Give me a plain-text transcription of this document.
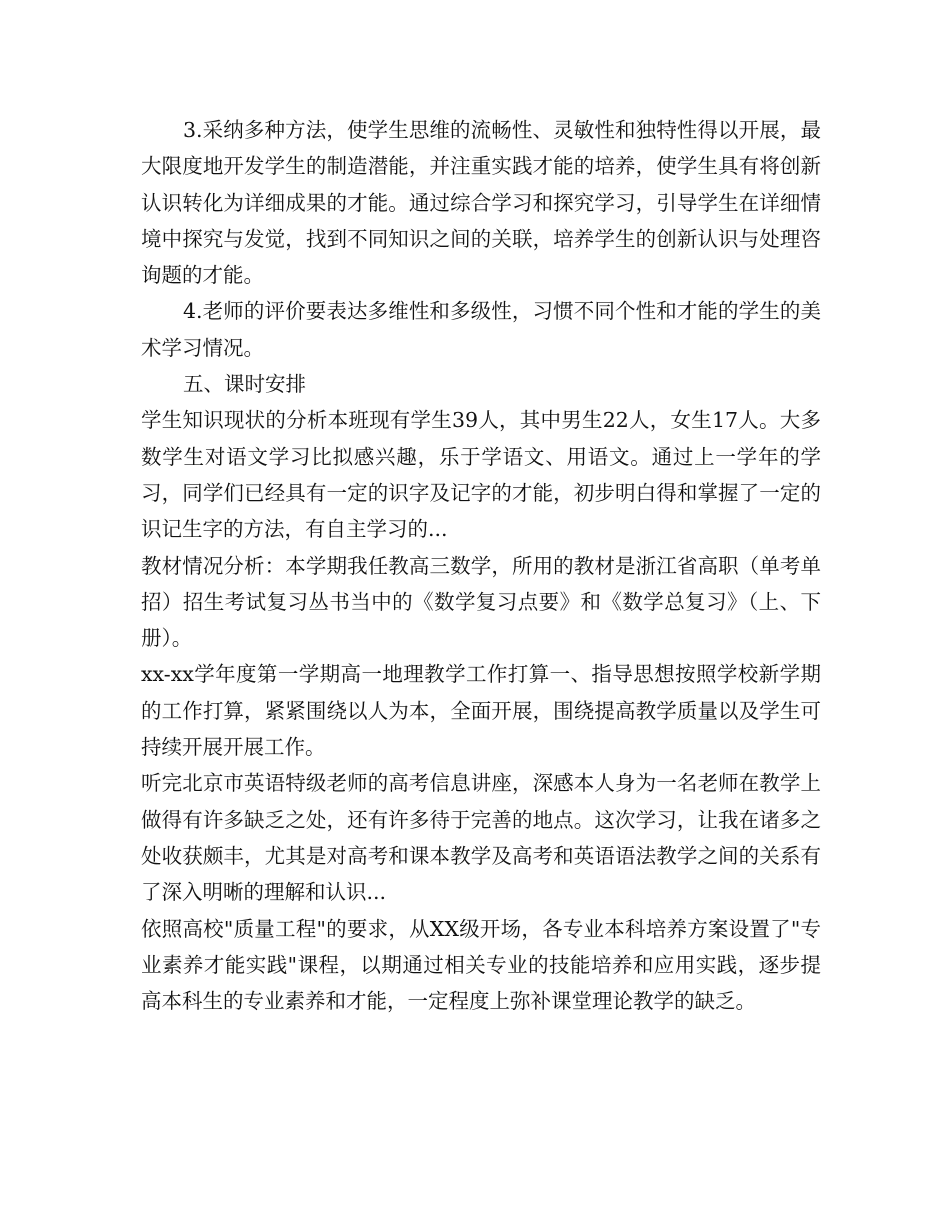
3.采纳多种方法，使学生思维的流畅性、灵敏性和独特性得以开展，最大限度地开发学生的制造潜能，并注重实践才能的培养，使学生具有将创新认识转化为详细成果的才能。通过综合学习和探究学习，引导学生在详细情境中探究与发觉，找到不同知识之间的关联，培养学生的创新认识与处理咨询题的才能。

4.老师的评价要表达多维性和多级性，习惯不同个性和才能的学生的美术学习情况。

五、课时安排

学生知识现状的分析本班现有学生39人，其中男生22人，女生17人。大多数学生对语文学习比拟感兴趣，乐于学语文、用语文。通过上一学年的学习，同学们已经具有一定的识字及记字的才能，初步明白得和掌握了一定的识记生字的方法，有自主学习的...

教材情况分析：本学期我任教高三数学，所用的教材是浙江省高职（单考单招）招生考试复习丛书当中的《数学复习点要》和《数学总复习》（上、下册）。

xx-xx学年度第一学期高一地理教学工作打算一、指导思想按照学校新学期的工作打算，紧紧围绕以人为本，全面开展，围绕提高教学质量以及学生可持续开展开展工作。

听完北京市英语特级老师的高考信息讲座，深感本人身为一名老师在教学上做得有许多缺乏之处，还有许多待于完善的地点。这次学习，让我在诸多之处收获颇丰，尤其是对高考和课本教学及高考和英语语法教学之间的关系有了深入明晰的理解和认识...

依照高校"质量工程"的要求，从XX级开场，各专业本科培养方案设置了"专业素养才能实践"课程，以期通过相关专业的技能培养和应用实践，逐步提高本科生的专业素养和才能，一定程度上弥补课堂理论教学的缺乏。
